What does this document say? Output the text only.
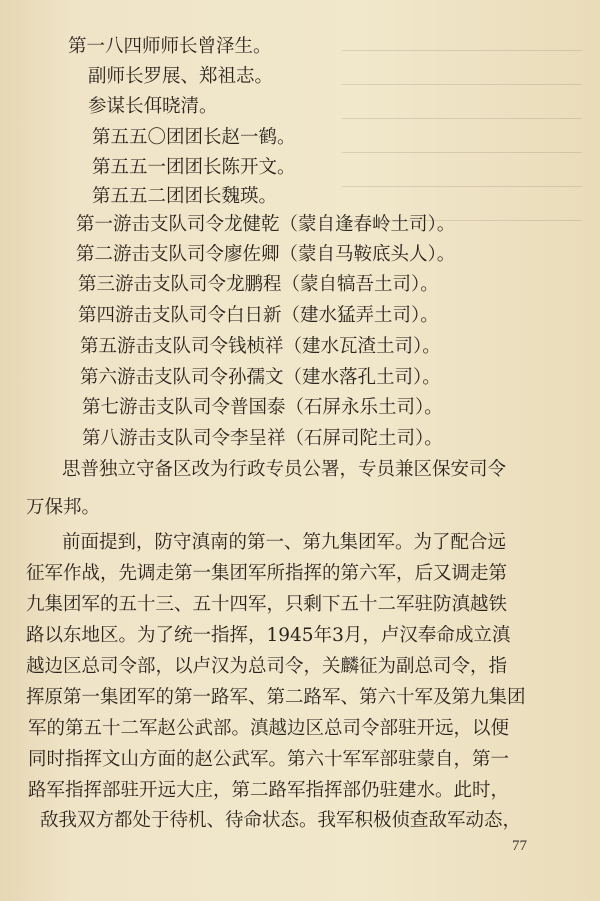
第一八四师师长曾泽生。
副师长罗展、郑祖志。
参谋长佴晓清。
第五五〇团团长赵一鹤。
第五五一团团长陈开文。
第五五二团团长魏瑛。
第一游击支队司令龙健乾（蒙自逢春岭土司）。
第二游击支队司令廖佐卿（蒙自马鞍底头人）。
第三游击支队司令龙鹏程（蒙自犒吾土司）。
第四游击支队司令白日新（建水猛弄土司）。
第五游击支队司令钱桢祥（建水瓦渣土司）。
第六游击支队司令孙孺文（建水落孔土司）。
第七游击支队司令普国泰（石屏永乐土司）。
第八游击支队司令李呈祥（石屏司陀土司）。
思普独立守备区改为行政专员公署，专员兼区保安司令
万保邦。
前面提到，防守滇南的第一、第九集团军。为了配合远
征军作战，先调走第一集团军所指挥的第六军，后又调走第
九集团军的五十三、五十四军，只剩下五十二军驻防滇越铁
路以东地区。为了统一指挥，1945年3月，卢汉奉命成立滇
越边区总司令部，以卢汉为总司令，关麟征为副总司令，指
挥原第一集团军的第一路军、第二路军、第六十军及第九集团
军的第五十二军赵公武部。滇越边区总司令部驻开远，以便
同时指挥文山方面的赵公武军。第六十军军部驻蒙自，第一
路军指挥部驻开远大庄，第二路军指挥部仍驻建水。此时，
敌我双方都处于待机、待命状态。我军积极侦查敌军动态，
77
